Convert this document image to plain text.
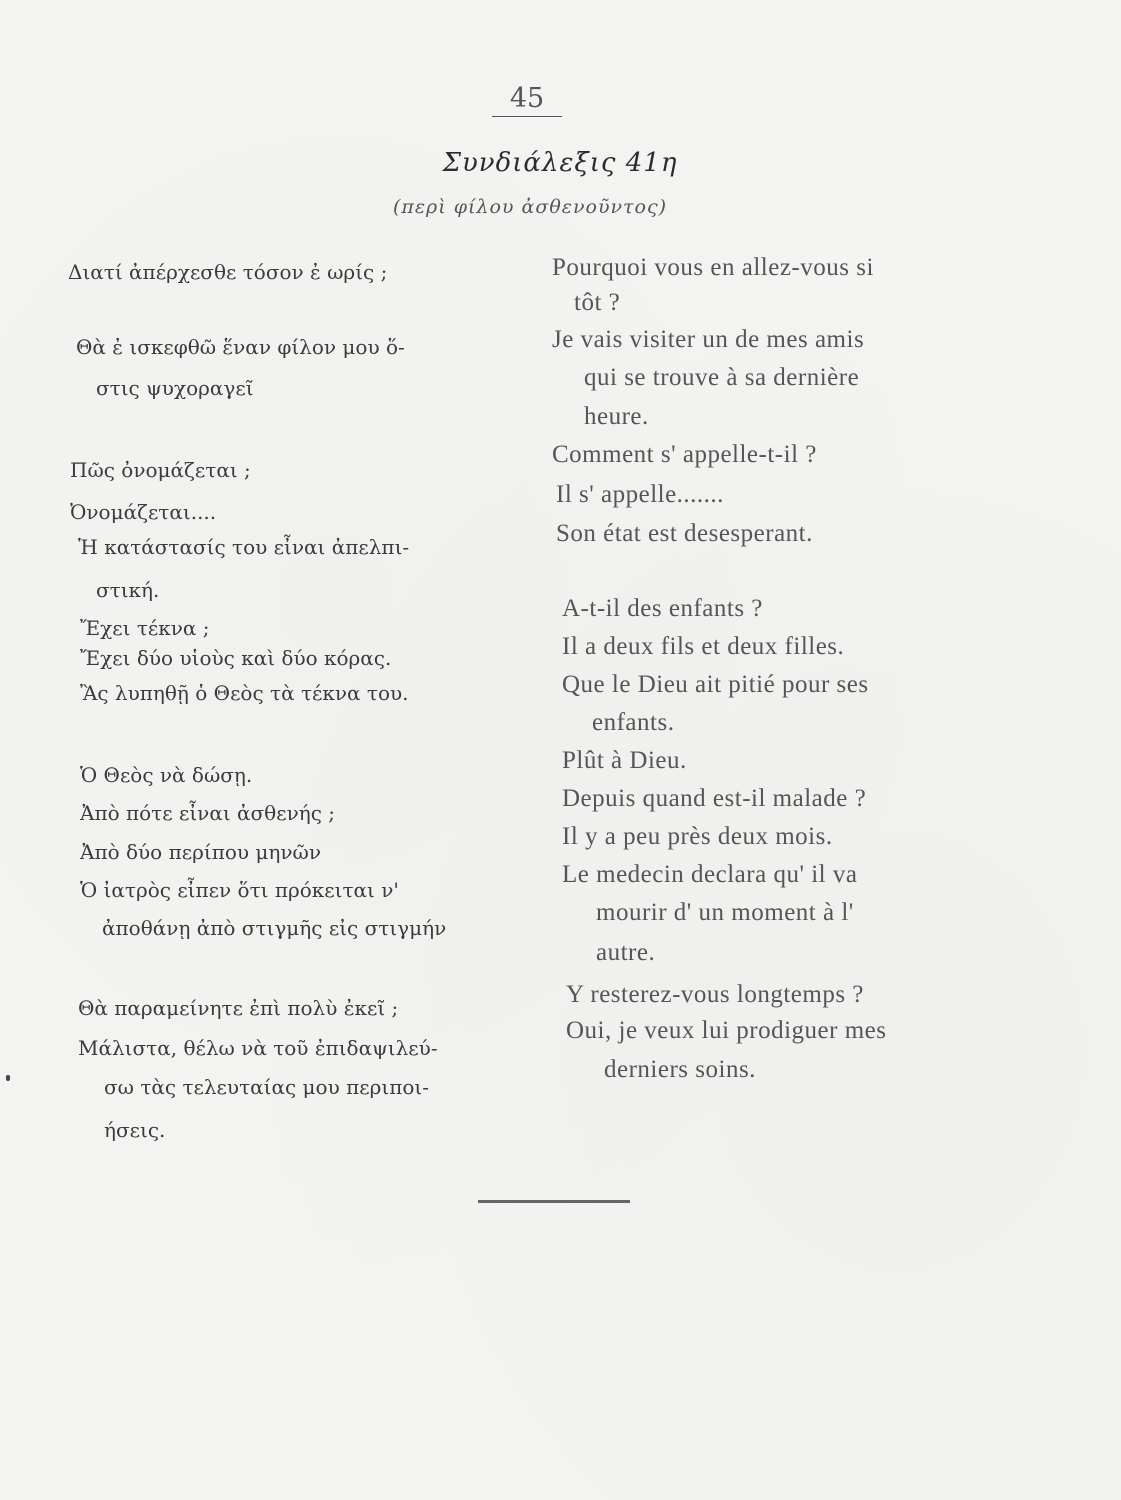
45
Συνδιάλεξις 41η
(περὶ φίλου ἀσθενοῦντος)
Διατί ἀπέρχεσθε τόσον ἐ ωρίς ;
Θὰ ἐ ισκεφθῶ ἕναν φίλον μου ὅ-
στις ψυχοραγεῖ
Πῶς ὀνομάζεται ;
Ὀνομάζεται....
Ἡ κατάστασίς του εἶναι ἀπελπι-
στική.
Ἔχει τέκνα ;
Ἔχει δύο υἱοὺς καὶ δύο κόρας.
Ἂς λυπηθῇ ὁ Θεὸς τὰ τέκνα του.
Ὁ Θεὸς νὰ δώσῃ.
Ἀπὸ πότε εἶναι ἀσθενής ;
Ἀπὸ δύο περίπου μηνῶν
Ὁ ἰατρὸς εἶπεν ὅτι πρόκειται ν'
ἀποθάνῃ ἀπὸ στιγμῆς εἰς στιγμήν
Θὰ παραμείνητε ἐπὶ πολὺ ἐκεῖ ;
Μάλιστα, θέλω νὰ τοῦ ἐπιδαψιλεύ-
σω τὰς τελευταίας μου περιποι-
ήσεις.
Pourquoi vous en allez-vous si
tôt ?
Je vais visiter un de mes amis
qui se trouve à sa dernière
heure.
Comment s' appelle-t-il ?
Il s' appelle.......
Son état est desesperant.
A-t-il des enfants ?
Il a deux fils et deux filles.
Que le Dieu ait pitié pour ses
enfants.
Plût à Dieu.
Depuis quand est-il malade ?
Il y a peu près deux mois.
Le medecin declara qu' il va
mourir d' un moment à l'
autre.
Y resterez-vous longtemps ?
Oui, je veux lui prodiguer mes
derniers soins.
